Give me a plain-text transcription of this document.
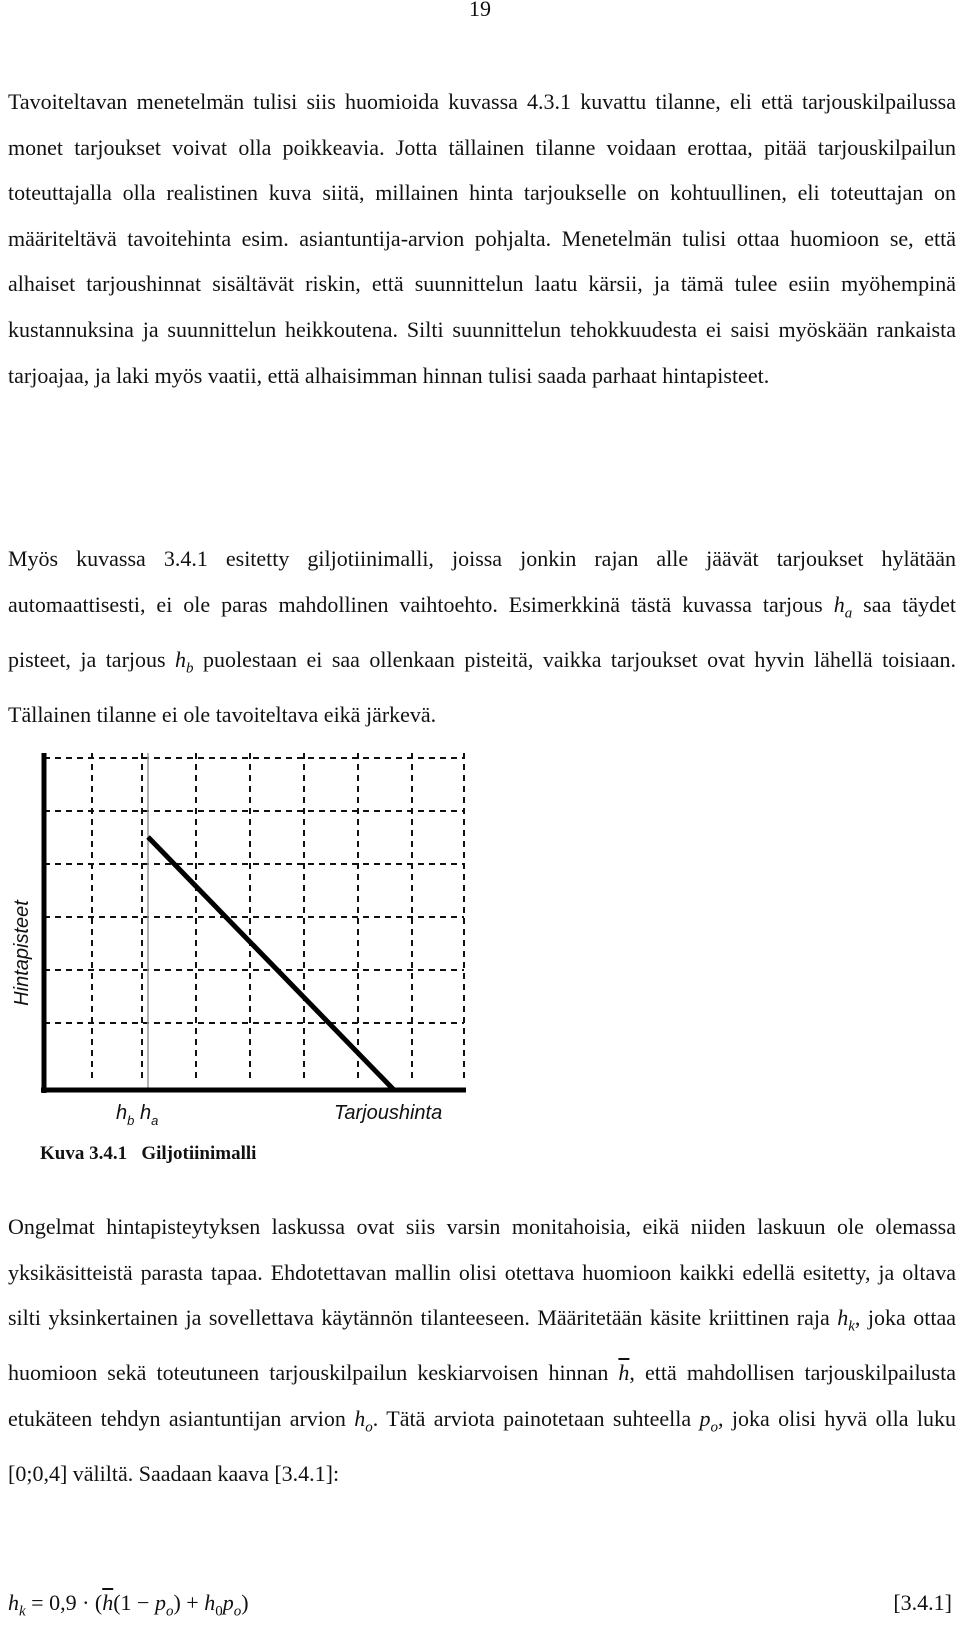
19

Tavoiteltavan menetelmän tulisi siis huomioida kuvassa 4.3.1 kuvattu tilanne, eli että tarjouskilpailussa monet tarjoukset voivat olla poikkeavia. Jotta tällainen tilanne voidaan erottaa, pitää tarjouskilpailun toteuttajalla olla realistinen kuva siitä, millainen hinta tarjoukselle on kohtuullinen, eli toteuttajan on määriteltävä tavoitehinta esim. asiantuntija-arvion pohjalta. Menetelmän tulisi ottaa huomioon se, että alhaiset tarjoushinnat sisältävät riskin, että suunnittelun laatu kärsii, ja tämä tulee esiin myöhempinä kustannuksina ja suunnittelun heikkoutena. Silti suunnittelun tehokkuudesta ei saisi myöskään rankaista tarjoajaa, ja laki myös vaatii, että alhaisimman hinnan tulisi saada parhaat hintapisteet.

Myös kuvassa 3.4.1 esitetty giljotiinimalli, joissa jonkin rajan alle jäävät tarjoukset hylätään automaattisesti, ei ole paras mahdollinen vaihtoehto. Esimerkkinä tästä kuvassa tarjous $h_a$ saa täydet pisteet, ja tarjous $h_b$ puolestaan ei saa ollenkaan pisteitä, vaikka tarjoukset ovat hyvin lähellä toisiaan. Tällainen tilanne ei ole tavoiteltava eikä järkevä.

Hintapisteet
$h_b$ $h_a$	Tarjoushinta
Kuva 3.4.1   Giljotiinimalli

Ongelmat hintapisteytyksen laskussa ovat siis varsin monitahoisia, eikä niiden laskuun ole olemassa yksikäsitteistä parasta tapaa. Ehdotettavan mallin olisi otettava huomioon kaikki edellä esitetty, ja oltava silti yksinkertainen ja sovellettava käytännön tilanteeseen. Määritetään käsite kriittinen raja $h_k$, joka ottaa huomioon sekä toteutuneen tarjouskilpailun keskiarvoisen hinnan $\overline{h}$, että mahdollisen tarjouskilpailusta etukäteen tehdyn asiantuntijan arvion $h_o$. Tätä arviota painotetaan suhteella $p_o$, joka olisi hyvä olla luku [0;0,4] väliltä. Saadaan kaava [3.4.1]:

$h_k = 0,9 \cdot (\overline{h}(1 - p_o) + h_0p_o)$	[3.4.1]
